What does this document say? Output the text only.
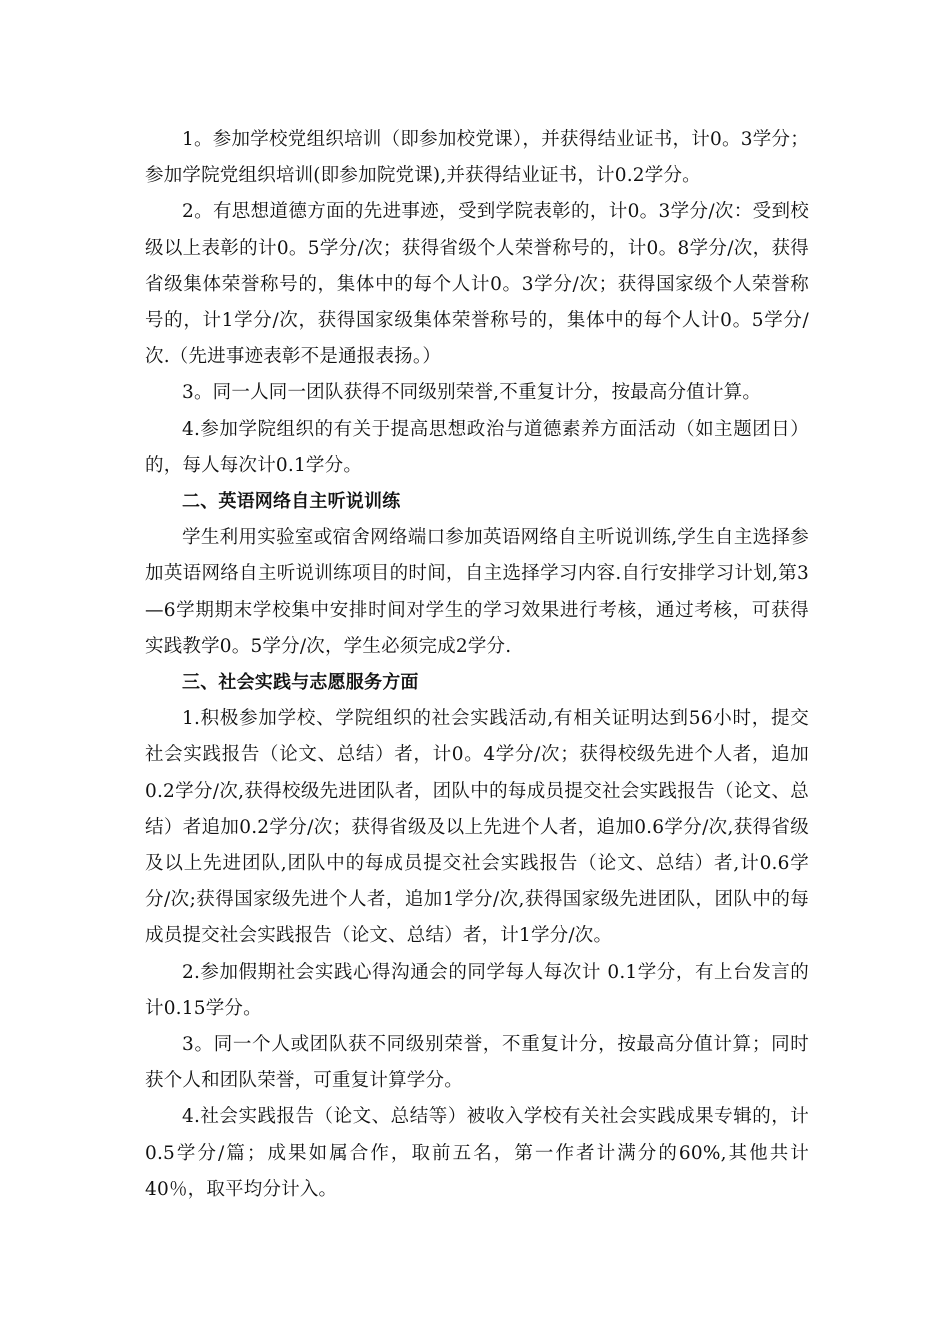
1。参加学校党组织培训（即参加校党课），并获得结业证书，计0。3学分；参加学院党组织培训(即参加院党课),并获得结业证书，计0.2学分。

2。有思想道德方面的先进事迹，受到学院表彰的，计0。3学分/次：受到校级以上表彰的计0。5学分/次；获得省级个人荣誉称号的，计0。8学分/次，获得省级集体荣誉称号的，集体中的每个人计0。3学分/次；获得国家级个人荣誉称号的，计1学分/次，获得国家级集体荣誉称号的，集体中的每个人计0。5学分/次.（先进事迹表彰不是通报表扬。）

3。同一人同一团队获得不同级别荣誉,不重复计分，按最高分值计算。

4.参加学院组织的有关于提高思想政治与道德素养方面活动（如主题团日）的，每人每次计0.1学分。

二、英语网络自主听说训练

学生利用实验室或宿舍网络端口参加英语网络自主听说训练,学生自主选择参加英语网络自主听说训练项目的时间，自主选择学习内容.自行安排学习计划,第3—6学期期末学校集中安排时间对学生的学习效果进行考核，通过考核，可获得实践教学0。5学分/次，学生必须完成2学分.

三、社会实践与志愿服务方面

1.积极参加学校、学院组织的社会实践活动,有相关证明达到56小时，提交社会实践报告（论文、总结）者，计0。4学分/次；获得校级先进个人者，追加0.2学分/次,获得校级先进团队者，团队中的每成员提交社会实践报告（论文、总结）者追加0.2学分/次；获得省级及以上先进个人者，追加0.6学分/次,获得省级及以上先进团队,团队中的每成员提交社会实践报告（论文、总结）者,计0.6学分/次;获得国家级先进个人者，追加1学分/次,获得国家级先进团队，团队中的每成员提交社会实践报告（论文、总结）者，计1学分/次。

2.参加假期社会实践心得沟通会的同学每人每次计 0.1学分，有上台发言的计0.15学分。

3。同一个人或团队获不同级别荣誉，不重复计分，按最高分值计算；同时获个人和团队荣誉，可重复计算学分。

4.社会实践报告（论文、总结等）被收入学校有关社会实践成果专辑的，计0.5学分/篇；成果如属合作，取前五名，第一作者计满分的60%,其他共计40％，取平均分计入。
